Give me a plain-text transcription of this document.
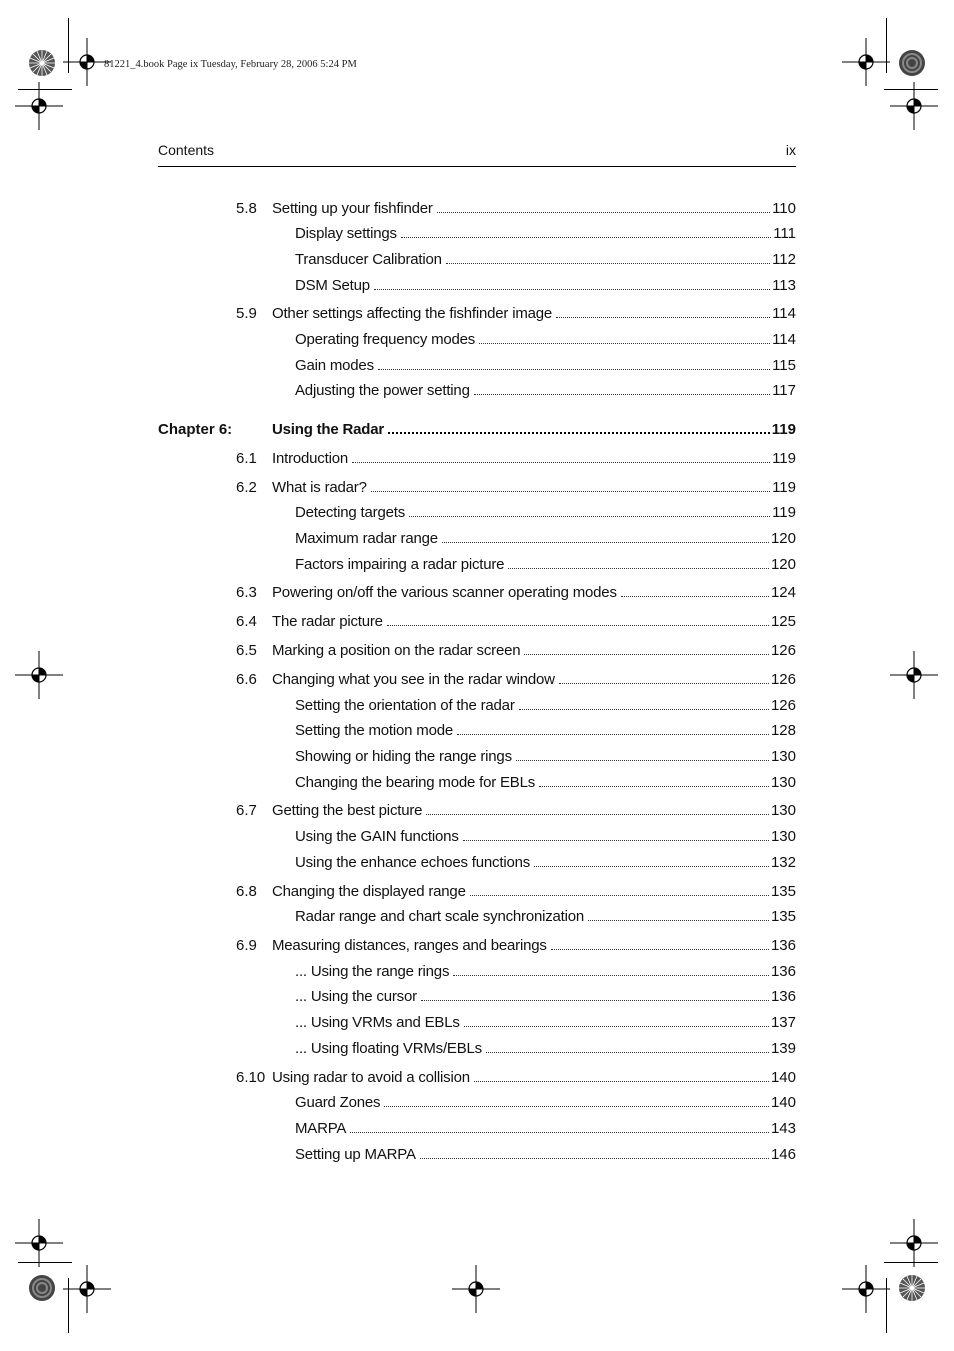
81221_4.book Page ix Tuesday, February 28, 2006 5:24 PM
Contents	ix
5.8 Setting up your fishfinder	110
Display settings	111
Transducer Calibration	112
DSM Setup	113
5.9 Other settings affecting the fishfinder image	114
Operating frequency modes	114
Gain modes	115
Adjusting the power setting	117
Chapter 6:	Using the Radar	119
6.1 Introduction	119
6.2 What is radar?	119
Detecting targets	119
Maximum radar range	120
Factors impairing a radar picture	120
6.3 Powering on/off the various scanner operating modes	124
6.4 The radar picture	125
6.5 Marking a position on the radar screen	126
6.6 Changing what you see in the radar window	126
Setting the orientation of the radar	126
Setting the motion mode	128
Showing or hiding the range rings	130
Changing the bearing mode for EBLs	130
6.7 Getting the best picture	130
Using the GAIN functions	130
Using the enhance echoes functions	132
6.8 Changing the displayed range	135
Radar range and chart scale synchronization	135
6.9 Measuring distances, ranges and bearings	136
... Using the range rings	136
... Using the cursor	136
... Using VRMs and EBLs	137
... Using floating VRMs/EBLs	139
6.10 Using radar to avoid a collision	140
Guard Zones	140
MARPA	143
Setting up MARPA	146
